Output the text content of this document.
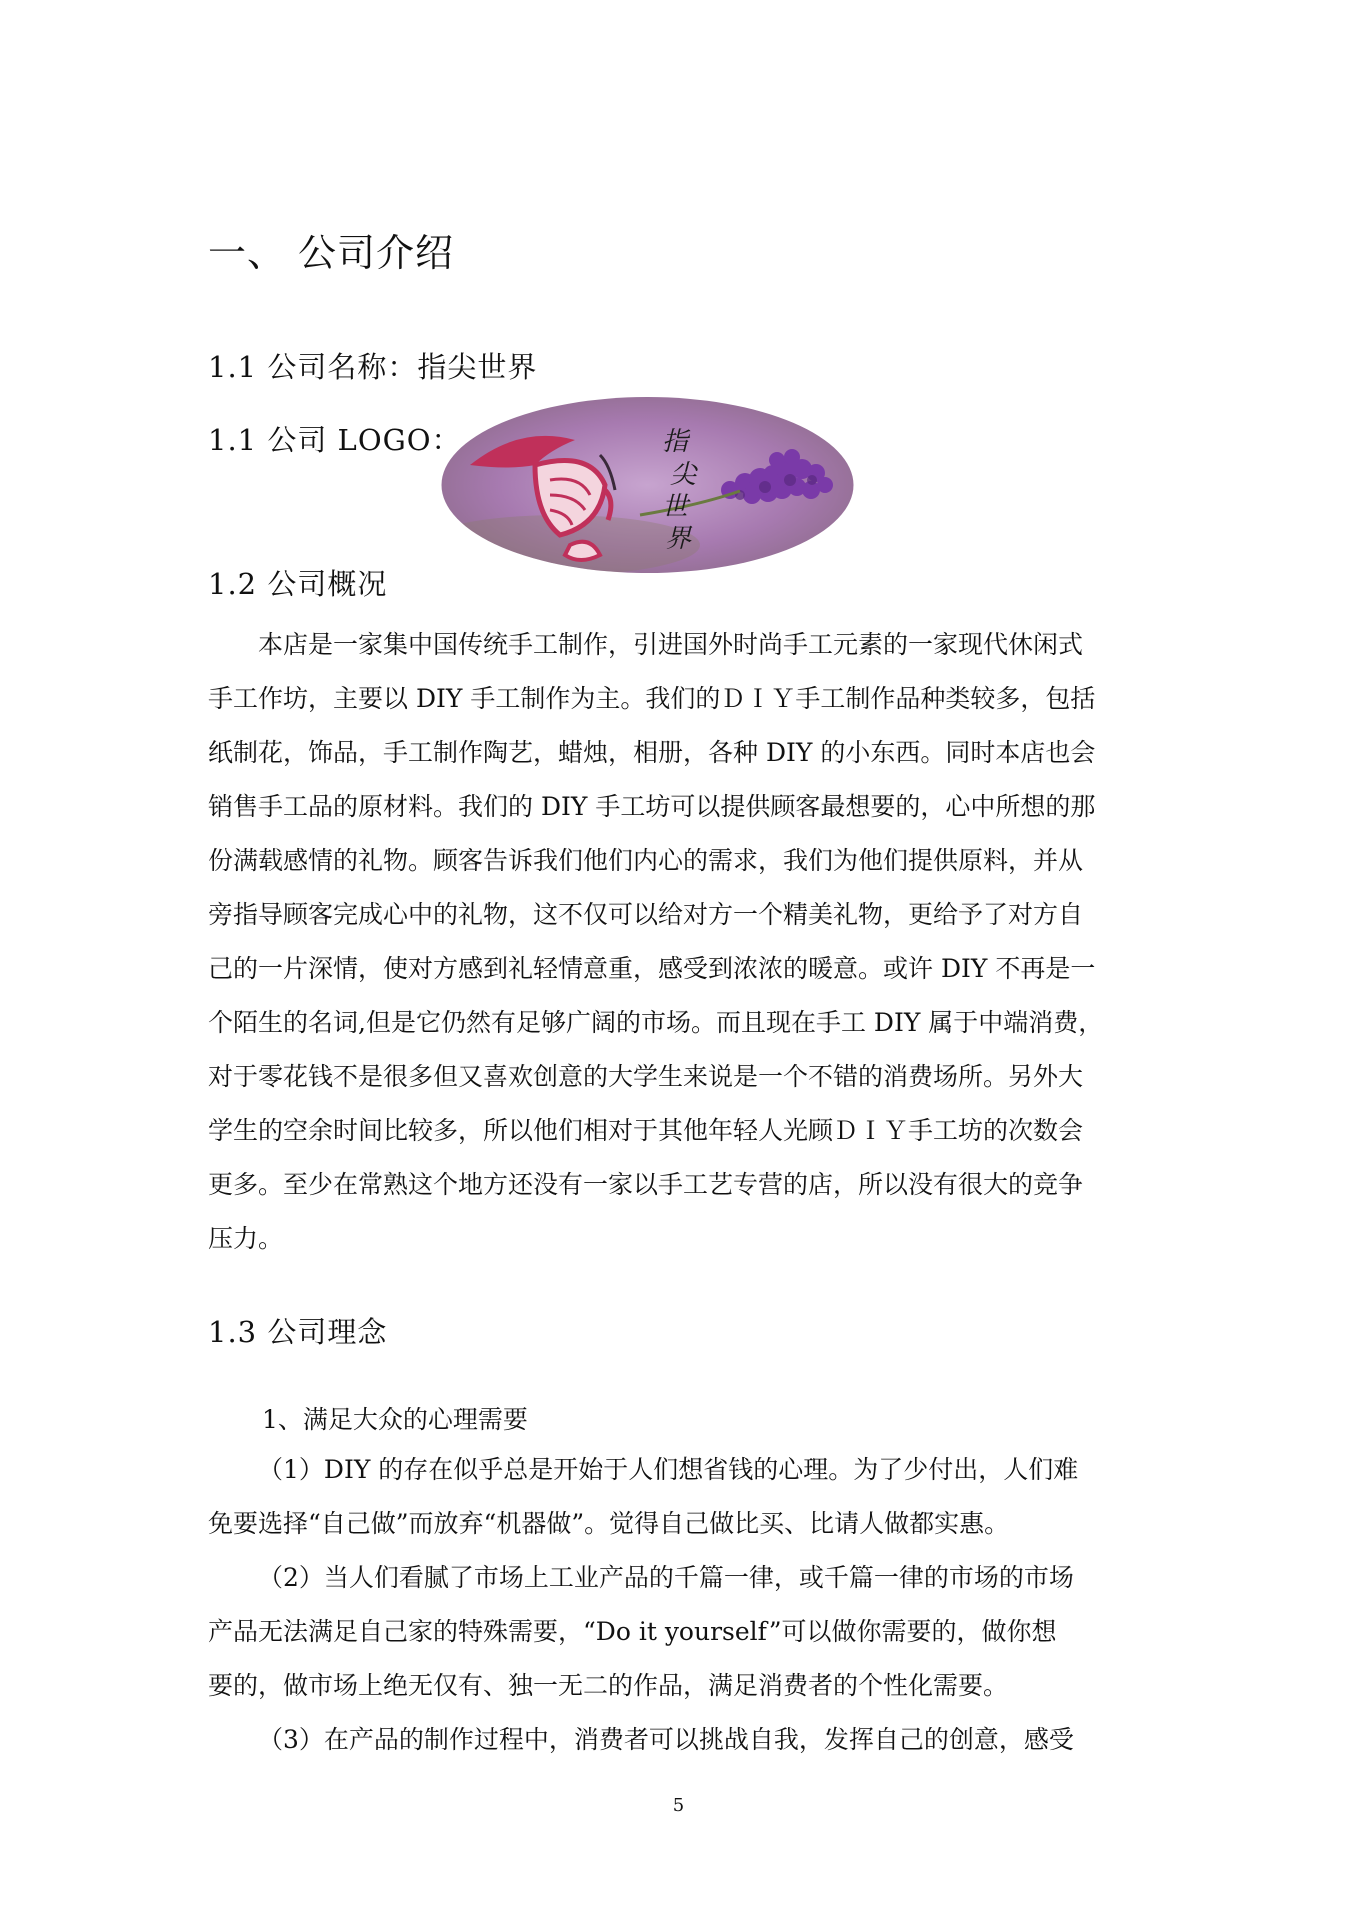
一、 公司介绍
1.1 公司名称：指尖世界
1.1 公司 LOGO：	指
尖
世
界
1.2 公司概况

本店是一家集中国传统手工制作，引进国外时尚手工元素的一家现代休闲式

手工作坊，主要以 DIY 手工制作为主。我们的ＤＩＹ手工制作品种类较多，包括

纸制花，饰品，手工制作陶艺，蜡烛，相册，各种 DIY 的小东西。同时本店也会

销售手工品的原材料。我们的 DIY 手工坊可以提供顾客最想要的，心中所想的那

份满载感情的礼物。顾客告诉我们他们内心的需求，我们为他们提供原料，并从

旁指导顾客完成心中的礼物，这不仅可以给对方一个精美礼物，更给予了对方自

己的一片深情，使对方感到礼轻情意重，感受到浓浓的暖意。或许 DIY 不再是一

个陌生的名词,但是它仍然有足够广阔的市场。而且现在手工 DIY 属于中端消费，

对于零花钱不是很多但又喜欢创意的大学生来说是一个不错的消费场所。另外大

学生的空余时间比较多，所以他们相对于其他年轻人光顾ＤＩＹ手工坊的次数会

更多。至少在常熟这个地方还没有一家以手工艺专营的店，所以没有很大的竞争

压力。

1.3 公司理念
1、满足大众的心理需要

（1）DIY 的存在似乎总是开始于人们想省钱的心理。为了少付出，人们难

免要选择“自己做”而放弃“机器做”。觉得自己做比买、比请人做都实惠。

（2）当人们看腻了市场上工业产品的千篇一律，或千篇一律的市场的市场

产品无法满足自己家的特殊需要，“Do it yourself”可以做你需要的，做你想

要的，做市场上绝无仅有、独一无二的作品，满足消费者的个性化需要。

（3）在产品的制作过程中，消费者可以挑战自我，发挥自己的创意，感受

5
